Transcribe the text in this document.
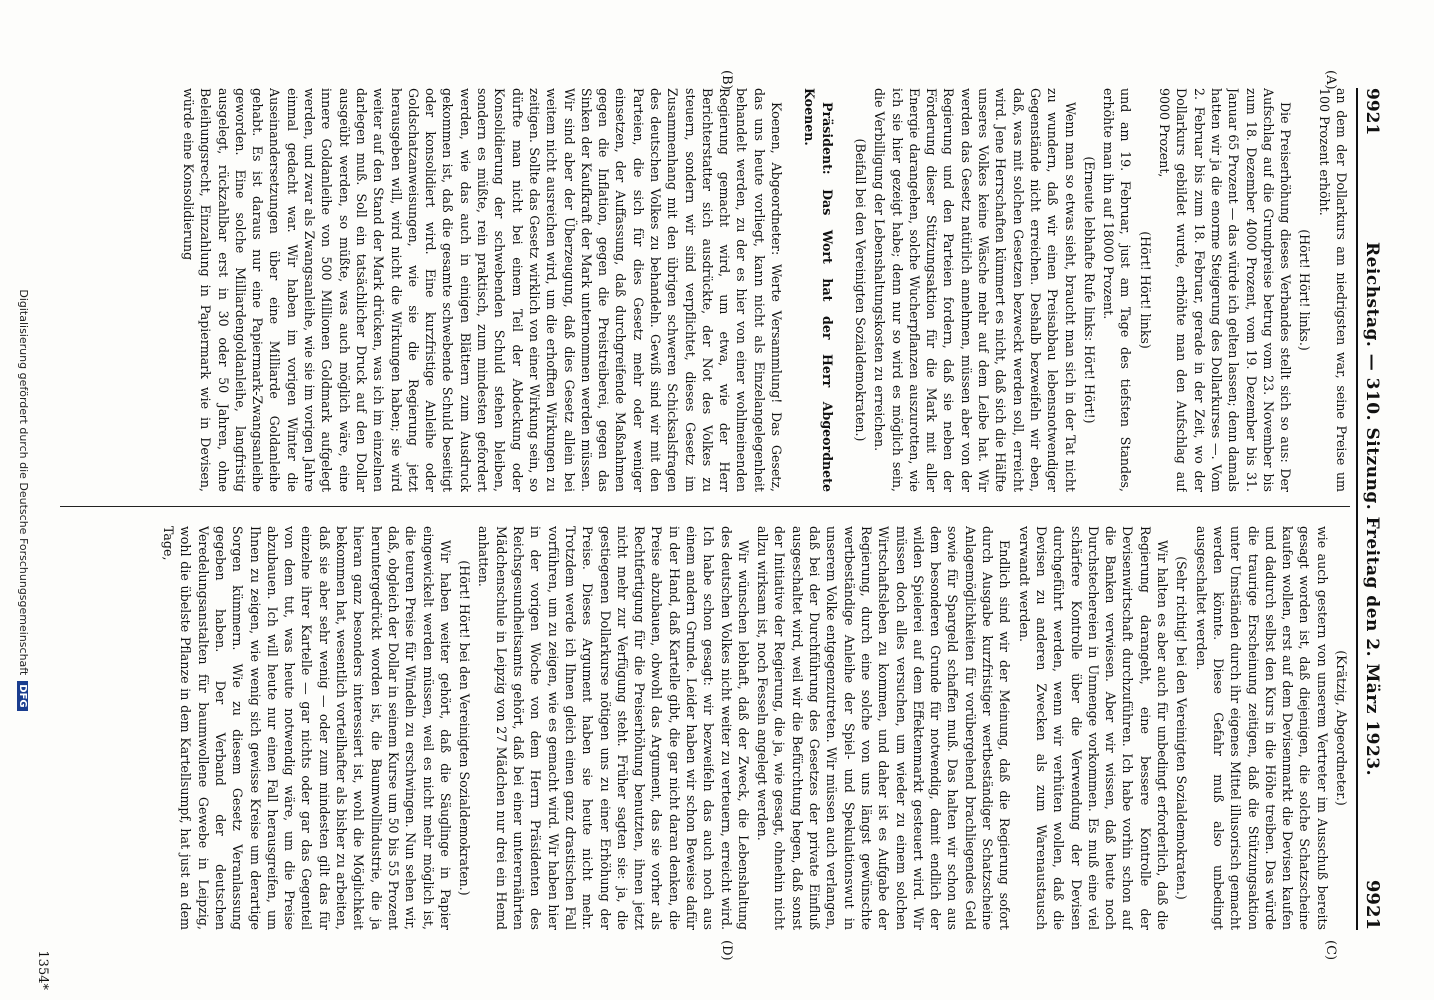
9921
Reichstag. — 310. Sitzung. Freitag den 2. März 1923.
9921
(A)
(B)
(C)
(D)

an dem der Dollarkurs am niedrigsten war, seine Preise um 100 Prozent erhöht.

(Hört! Hört! links.)

Die Preiserhöhung dieses Verbandes stellt sich so aus: Der Aufschlag auf die Grundpreise betrug vom 23. November bis zum 18. Dezember 4000 Prozent, vom 19. Dezember bis 31. Januar 65 Prozent — das würde ich gelten lassen; denn damals hatten wir ja die enorme Steigerung des Dollarkurses —. Vom 2. Februar bis zum 18. Februar, gerade in der Zeit, wo der Dollarkurs gebildet wurde, erhöhte man den Aufschlag auf 9000 Prozent,

(Hört! Hört! links)

und am 19. Februar, just am Tage des tiefsten Standes, erhöhte man ihn auf 18000 Prozent.

(Erneute lebhafte Rufe links: Hört! Hört!)

Wenn man so etwas sieht, braucht man sich in der Tat nicht zu wundern, daß wir einen Preisabbau lebensnotwendiger Gegenstände nicht erreichen. Deshalb bezweifeln wir eben, daß, was mit solchen Gesetzen bezweckt werden soll, erreicht wird. Jene Herrschaften kümmert es nicht, daß sich die Hälfte unseres Volkes keine Wäsche mehr auf dem Leibe hat. Wir werden das Gesetz natürlich annehmen, müssen aber von der Regierung und den Parteien fordern, daß sie neben der Förderung dieser Stützungsaktion für die Mark mit aller Energie darangehen, solche Wucherpflanzen auszurotten, wie ich sie hier gezeigt habe; denn nur so wird es möglich sein, die Verbilligung der Lebenshaltungskosten zu erreichen.

(Beifall bei den Vereinigten Sozialdemokraten.)

Präsident: Das Wort hat der Herr Abgeordnete Koenen.

Koenen, Abgeordneter: Werte Versammlung! Das Gesetz, das uns heute vorliegt, kann nicht als Einzelangelegenheit behandelt werden, zu der es hier von einer wohlmeinenden Regierung gemacht wird, um etwa, wie der Herr Berichterstatter sich ausdrückte, der Not des Volkes zu steuern, sondern wir sind verpflichtet, dieses Gesetz im Zusammenhang mit den übrigen schweren Schicksalsfragen des deutschen Volkes zu behandeln. Gewiß sind wir mit den Parteien, die sich für dies Gesetz mehr oder weniger einsetzen, der Auffassung, daß durchgreifende Maßnahmen gegen die Inflation, gegen die Preistreiberei, gegen das Sinken der Kaufkraft der Mark unternommen werden müssen. Wir sind aber der Überzeugung, daß dies Gesetz allein bei weitem nicht ausreichen wird, um die erhofften Wirkungen zu zeitigen. Sollte das Gesetz wirklich von einer Wirkung sein, so dürfte man nicht bei einem Teil der Abdeckung oder Konsolidierung der schwebenden Schuld stehen bleiben, sondern es müßte, rein praktisch, zum mindesten gefordert werden, wie das auch in einigen Blättern zum Ausdruck gekommen ist, daß die gesamte schwebende Schuld beseitigt oder konsolidiert wird. Eine kurzfristige Anleihe oder Goldschatzanweisungen, wie sie die Regierung jetzt herausgeben will, wird nicht die Wirkungen haben; sie wird weiter auf den Stand der Mark drücken, was ich im einzelnen darlegen muß. Soll ein tatsächlicher Druck auf den Dollar ausgeübt werden, so müßte, was auch möglich wäre, eine innere Goldanleihe von 500 Millionen Goldmark aufgelegt werden, und zwar als Zwangsanleihe, wie sie im vorigen Jahre einmal gedacht war. Wir haben im vorigen Winter die Auseinandersetzungen über eine Milliarde Goldanleihe gehabt. Es ist daraus nur eine Papiermark-Zwangsanleihe geworden. Eine solche Milliardengoldanleihe, langfristig ausgelegt, rückzahlbar erst in 30 oder 50 Jahren, ohne Beleihungsrecht, Einzahlung in Papiermark wie in Devisen, würde eine Konsolidierung

(Krätzig, Abgeordneter.)

wie auch gestern von unserem Vertreter im Ausschuß bereits gesagt worden ist, daß diejenigen, die solche Schatzscheine kaufen wollen, erst auf dem Devisenmarkt die Devisen kaufen und dadurch selbst den Kurs in die Höhe treiben. Das würde die traurige Erscheinung zeitigen, daß die Stützungsaktion unter Umständen durch ihr eigenes Mittel illusorisch gemacht werden könnte. Diese Gefahr muß also unbedingt ausgeschaltet werden.

(Sehr richtig! bei den Vereinigten Sozialdemokraten.)

Wir halten es aber auch für unbedingt erforderlich, daß die Regierung darangeht, eine bessere Kontrolle der Devisenwirtschaft durchzuführen. Ich habe vorhin schon auf die Banken verwiesen. Aber wir wissen, daß heute noch Durchstechereien in Unmenge vorkommen. Es muß eine viel schärfere Kontrolle über die Verwendung der Devisen durchgeführt werden, wenn wir verhüten wollen, daß die Devisen zu anderen Zwecken als zum Warenaustausch verwandt werden.

Endlich sind wir der Meinung, daß die Regierung sofort durch Ausgabe kurzfristiger wertbeständiger Schatzscheine Anlagemöglichkeiten für vorübergehend brachliegendes Geld sowie für Spargeld schaffen muß. Das halten wir schon aus dem besonderen Grunde für notwendig, damit endlich der wilden Spielerei auf dem Effektenmarkt gesteuert wird. Wir müssen doch alles versuchen, um wieder zu einem solchen Wirtschaftsleben zu kommen, und daher ist es Aufgabe der Regierung, durch eine solche von uns längst gewünschte wertbeständige Anleihe der Spiel- und Spekulationswut in unserem Volke entgegenzutreten. Wir müssen auch verlangen, daß bei der Durchführung des Gesetzes der private Einfluß ausgeschaltet wird, weil wir die Befürchtung hegen, daß sonst der Initiative der Regierung, die ja, wie gesagt, ohnehin nicht allzu wirksam ist, noch Fesseln angelegt werden.

Wir wünschen lebhaft, daß der Zweck, die Lebenshaltung des deutschen Volkes nicht weiter zu verteuern, erreicht wird. Ich habe schon gesagt: wir bezweifeln das auch noch aus einem andern Grunde. Leider haben wir schon Beweise dafür in der Hand, daß Kartelle gibt, die gar nicht daran denken, die Preise abzubauen, obwohl das Argument, das sie vorher als Rechtfertigung für die Preiserhöhung benutzten, ihnen jetzt nicht mehr zur Verfügung steht. Früher sagten sie: ja, die gestiegenen Dollarkurse nötigen uns zu einer Erhöhung der Preise. Dieses Argument haben sie heute nicht mehr. Trotzdem werde ich Ihnen gleich einen ganz drastischen Fall vorführen, um zu zeigen, wie es gemacht wird. Wir haben hier in der vorigen Woche von dem Herrn Präsidenten des Reichsgesundheitsamts gehört, daß bei einer unterernährten Mädchenschule in Leipzig von 27 Mädchen nur drei ein Hemd anhatten.

(Hört! Hört! bei den Vereinigten Sozialdemokraten.)

Wir haben weiter gehört, daß die Säuglinge in Papier eingewickelt werden müssen, weil es nicht mehr möglich ist, die teuren Preise für Windeln zu erschwingen. Nun sehen wir, daß, obgleich der Dollar in seinem Kurse um 50 bis 55 Prozent heruntergedrückt worden ist, die Baumwollindustrie, die ja hieran ganz besonders interessiert ist, wohl die Möglichkeit bekommen hat, wesentlich vorteilhafter als bisher zu arbeiten, daß sie aber sehr wenig — oder zum mindesten gilt das für einzelne ihrer Kartelle — gar nichts oder gar das Gegenteil von dem tut, was heute notwendig wäre, um die Preise abzubauen. Ich will heute nur einen Fall herausgreifen, um Ihnen zu zeigen, wie wenig sich gewisse Kreise um derartige Sorgen kümmern. Wie zu diesem Gesetz Veranlassung gegeben haben. Der Verband der deutschen Veredelungsanstalten für baumwollene Gewebe in Leipzig, wohl die übelste Pflanze in dem Kartellsumpf, hat just an dem Tage,

1354*
Digitalisierung gefördert durch die Deutsche ForschungsgemeinschaftDFG
